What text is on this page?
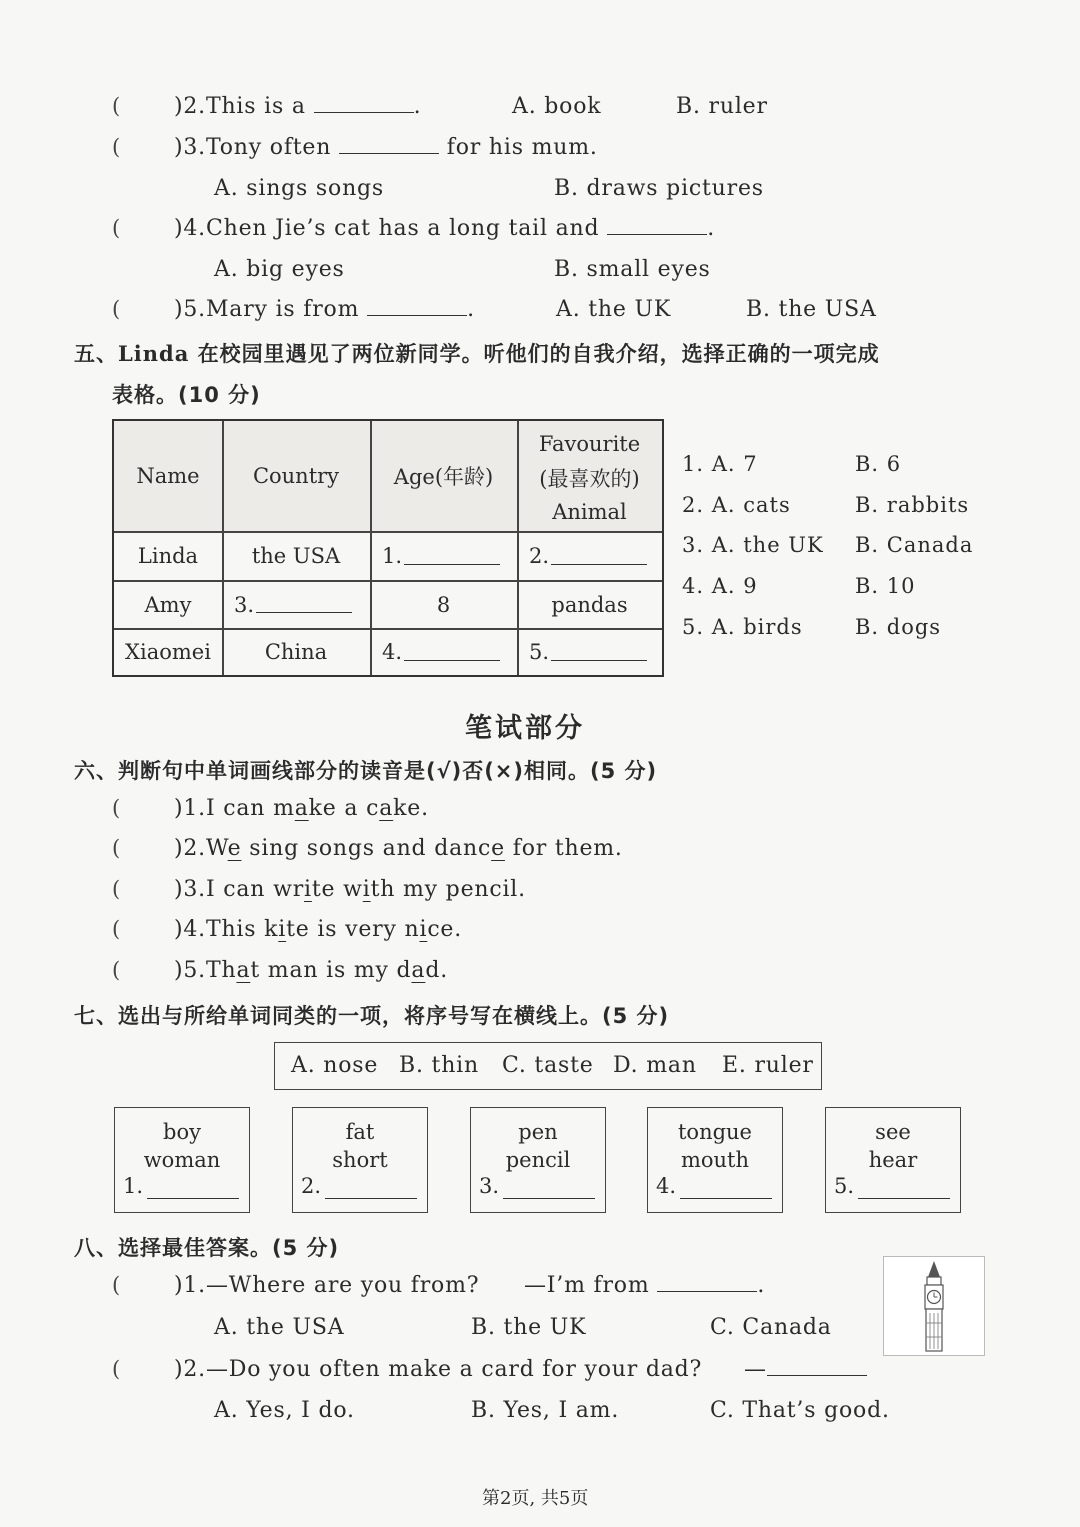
( )2.This is a	.	A. book	B. ruler
( )3.Tony often	for his mum.
A. sings songs	B. draws pictures
( )4.Chen Jie’s cat has a long tail and	.
A. big eyes	B. small eyes
( )5.Mary is from	.	A. the UK	B. the USA
五、Linda 在校园里遇见了两位新同学。听他们的自我介绍，选择正确的一项完成
表格。(10 分)
Name	Country	Age(年龄)
Favourite
(最喜欢的)
Animal
Linda	the USA	1.	2.
Amy	3.	8	pandas
Xiaomei	China	4.	5.
1. A. 7	B. 6
2. A. cats	B. rabbits
3. A. the UK B. Canada
4. A. 9	B. 10
5. A. birds B. dogs
笔试部分
六、判断句中单词画线部分的读音是(√)否(×)相同。(5 分)
( )1.I can make a cake.
( )2.We sing songs and dance for them.
( )3.I can write with my pencil.
( )4.This kite is very nice.
( )5.That man is my dad.
七、选出与所给单词同类的一项，将序号写在横线上。(5 分)
A. nose B. thin C. taste D. man E. ruler
boy
woman
1.
fat
short
2.
pen
pencil
3.
tongue
mouth
4.
see
hear
5.
八、选择最佳答案。(5 分)
( )1.—Where are you from? —I’m from	.
A. the USA	B. the UK	C. Canada
( )2.—Do you often make a card for your dad? —
A. Yes, I do.	B. Yes, I am.	C. That’s good.
第2页, 共5页
